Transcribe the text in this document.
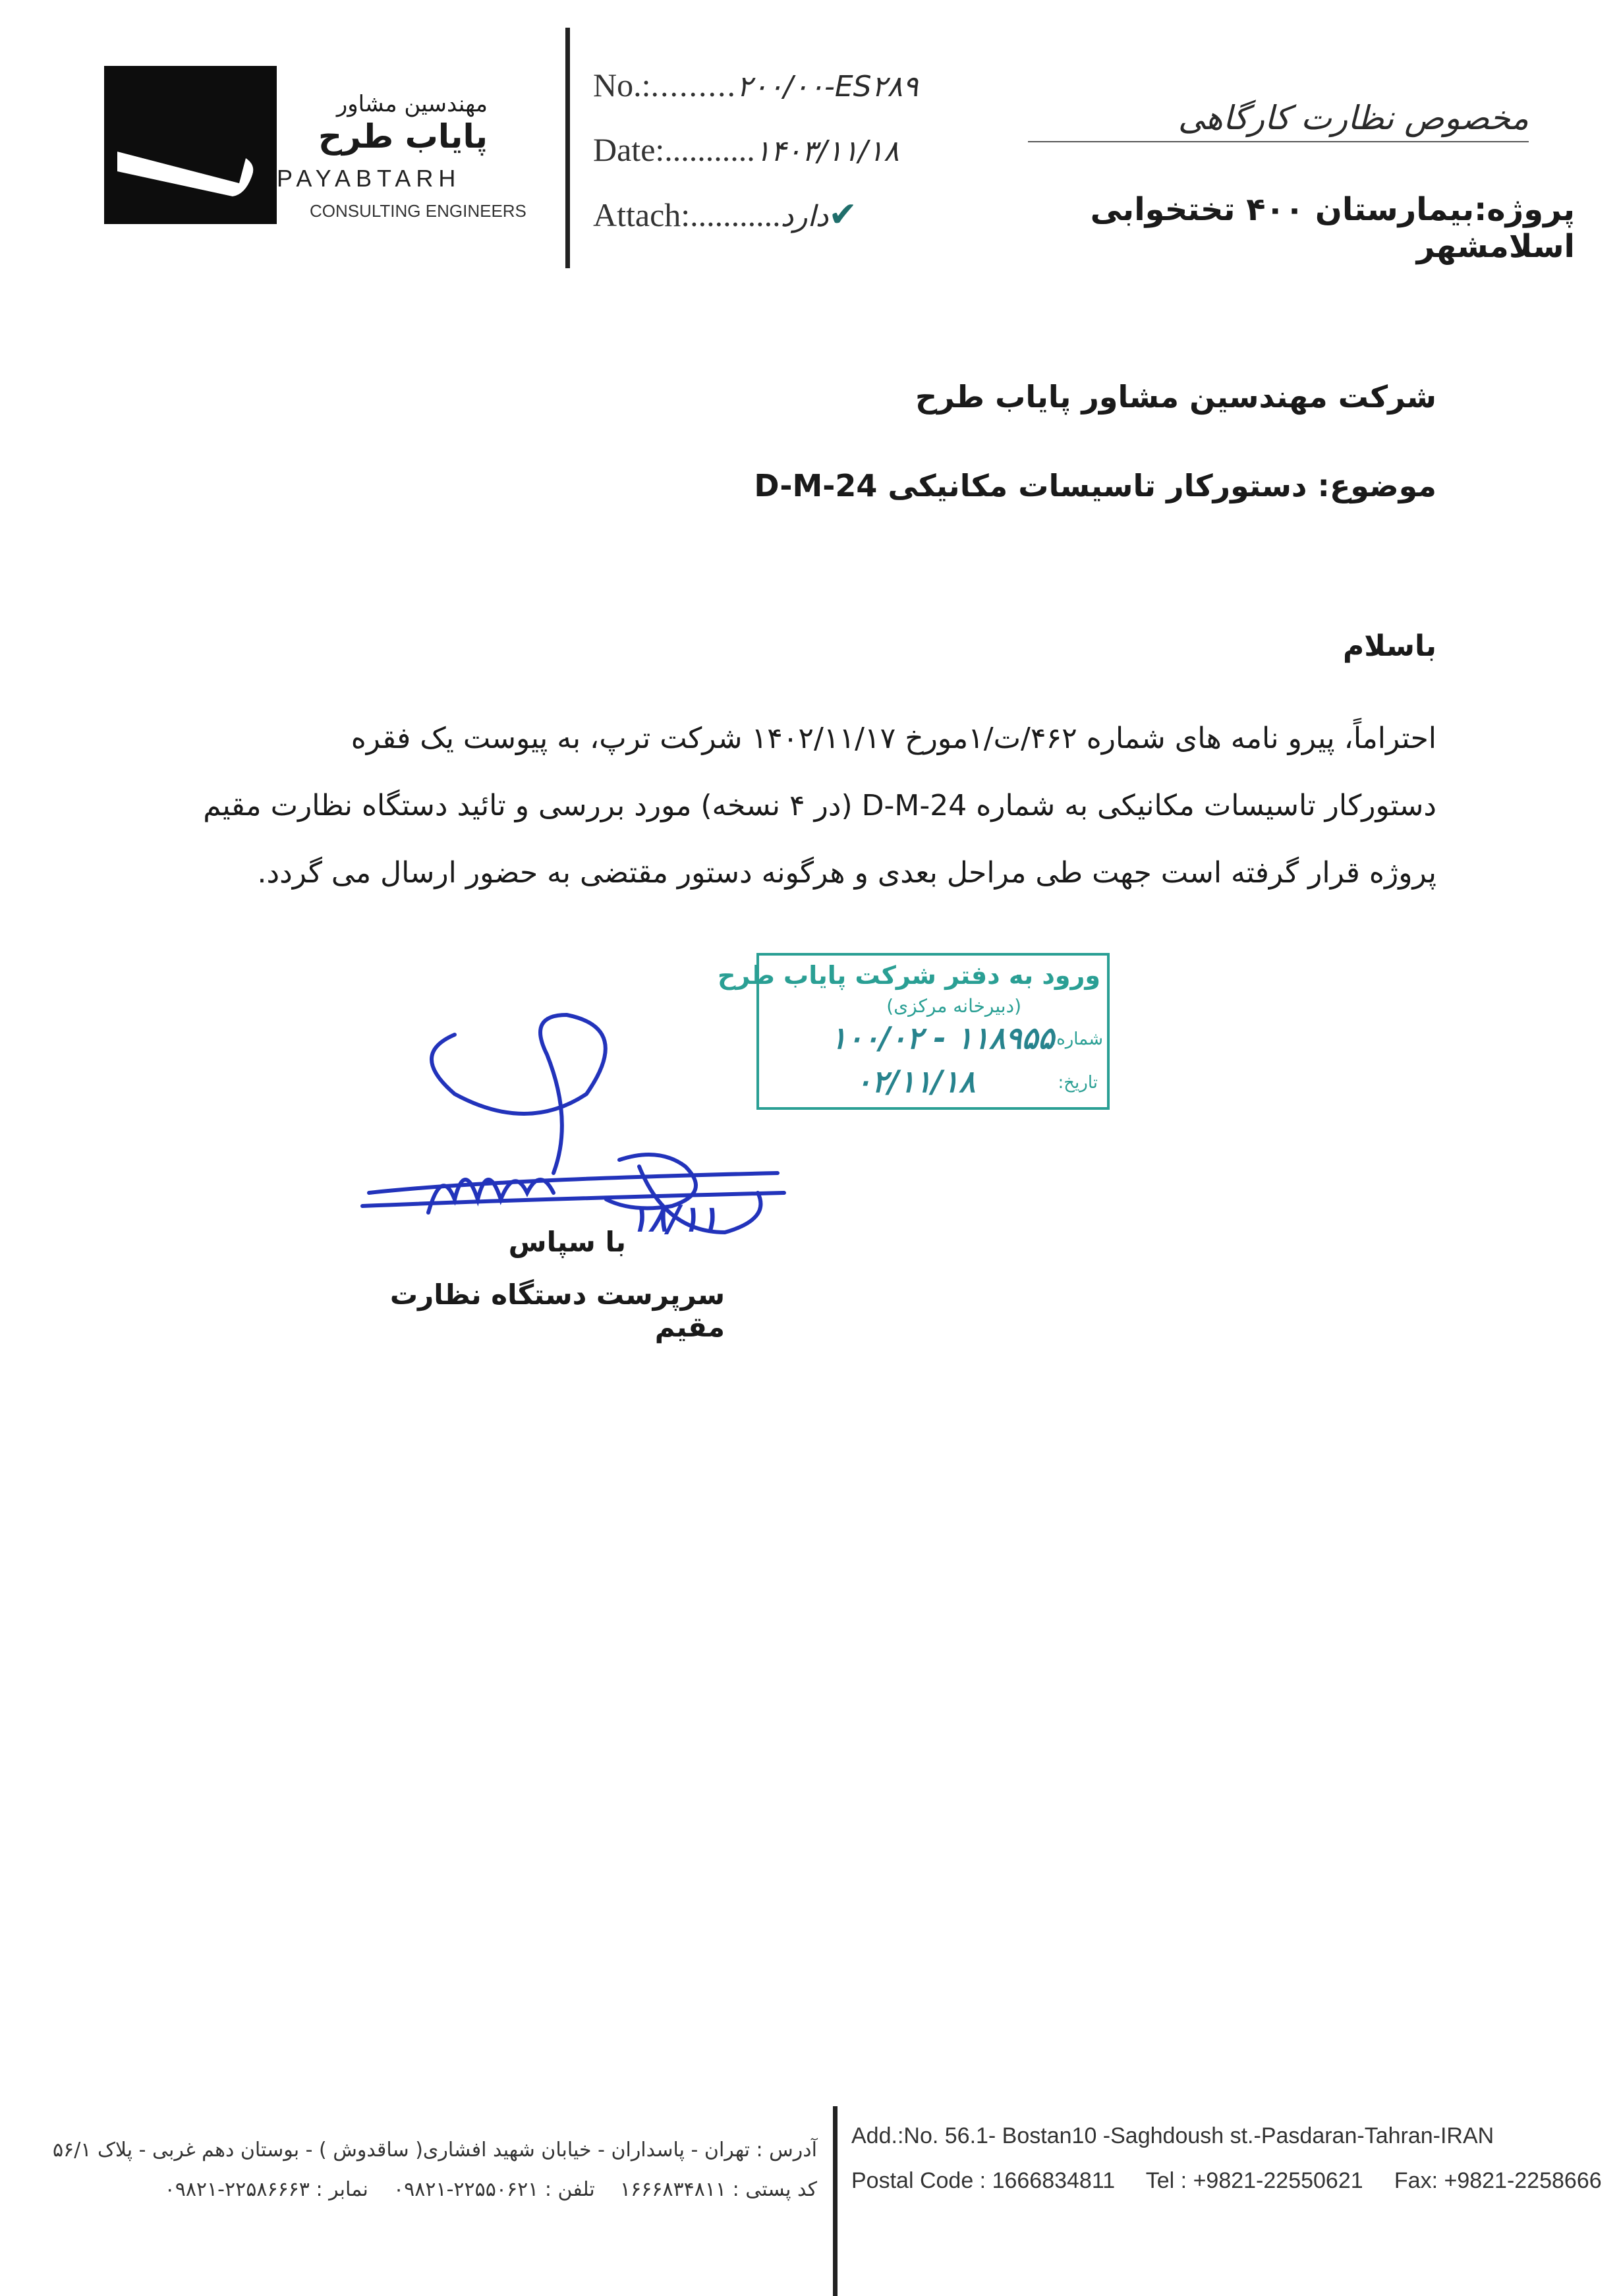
مهندسین مشاور
پایاب طرح
PAYABTARH
CONSULTING ENGINEERS
No.:.........۲۰۰/۰۰-ES۲۸۹
Date:...........۱۴۰۳/۱۱/۱۸
Attach:...........دارد✔
مخصوص نظارت کارگاهی
پروژه:بیمارستان ۴۰۰ تختخوابی اسلامشهر
شرکت مهندسین مشاور پایاب طرح
موضوع: دستورکار تاسیسات مکانیکی D-M-24
باسلام
احتراماً، پیرو نامه های شماره ۴۶۲/ت/۱مورخ ۱۴۰۲/۱۱/۱۷ شرکت ترپ، به پیوست یک فقره
دستورکار تاسیسات مکانیکی به شماره D-M-24 (در ۴ نسخه) مورد بررسی و تائید دستگاه نظارت مقیم
پروژه قرار گرفته است جهت طی مراحل بعدی و هرگونه دستور مقتضی به حضور ارسال می گردد.
ورود به دفتر شرکت پایاب طرح
(دبیرخانه مرکزی)
شماره:
۱۰۰/۰۲ - ۱۱۸۹۵۵
تاریخ:
۰۲/۱۱/۱۸
۱۸/۱۱
با سپاس
سرپرست دستگاه نظارت مقیم
آدرس : تهران - پاسداران - خیابان شهید افشاری( ساقدوش ) - بوستان دهم غربی - پلاک ۵۶/۱
کد پستی : ۱۶۶۶۸۳۴۸۱۱    تلفن : ۲۲۵۵۰۶۲۱-۰۹۸۲۱    نمابر : ۲۲۵۸۶۶۶۳-۰۹۸۲۱
Add.:No. 56.1- Bostan10 -Saghdoush st.-Pasdaran-Tahran-IRAN
Postal Code : 1666834811 Tel : +9821-22550621 Fax: +9821-2258666
